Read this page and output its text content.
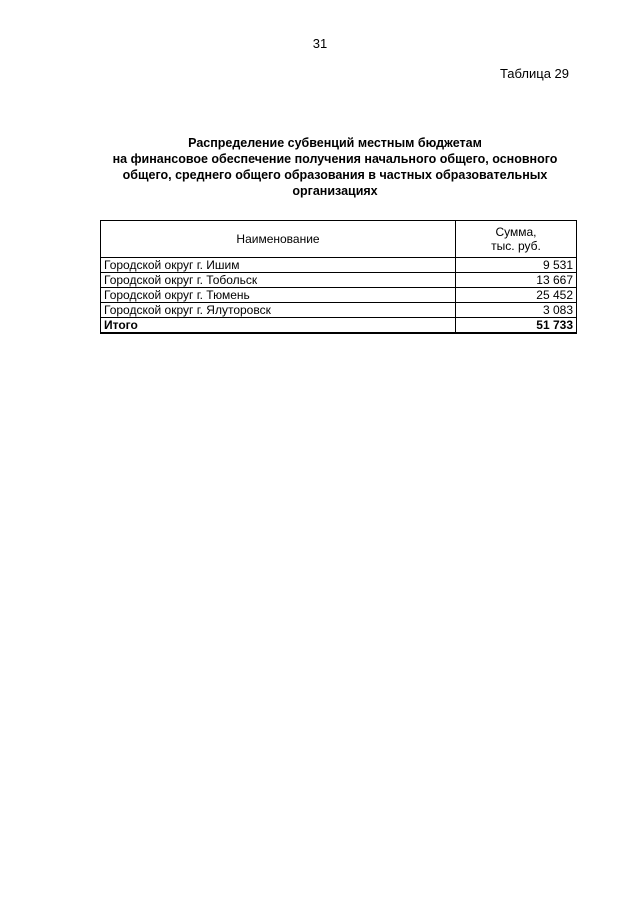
31
Таблица 29
Распределение субвенций местным бюджетам
на финансовое обеспечение получения начального общего, основного
общего, среднего общего образования в частных образовательных
организациях
Наименование	Сумма,
тыс. руб.
Городской округ г. Ишим	9 531
Городской округ г. Тобольск	13 667
Городской округ г. Тюмень	25 452
Городской округ г. Ялуторовск	3 083
Итого	51 733
